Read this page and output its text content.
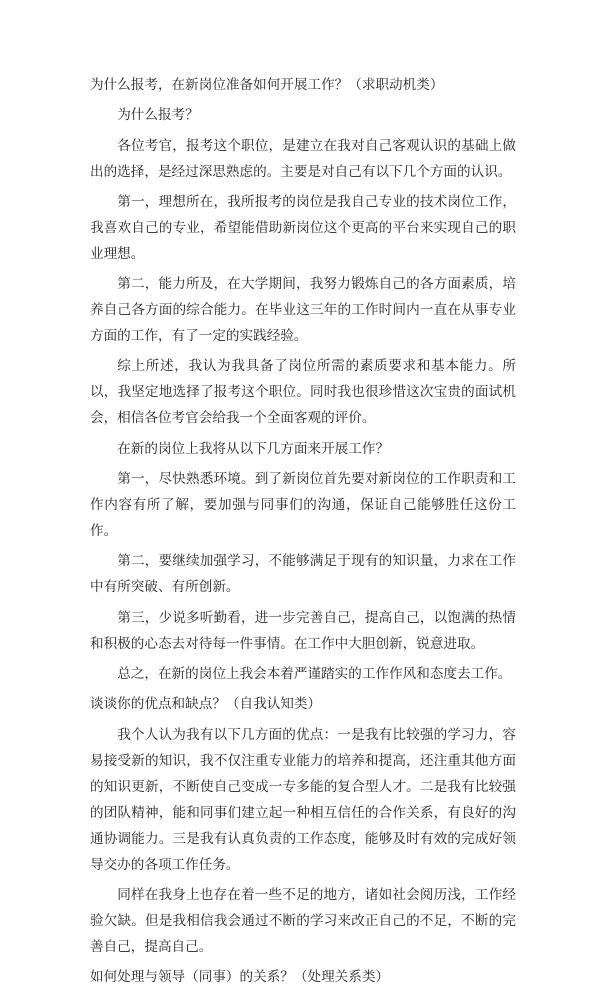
为什么报考，在新岗位准备如何开展工作？（求职动机类）

为什么报考？

各位考官，报考这个职位，是建立在我对自己客观认识的基础上做出的选择，是经过深思熟虑的。主要是对自己有以下几个方面的认识。

第一，理想所在，我所报考的岗位是我自己专业的技术岗位工作，我喜欢自己的专业，希望能借助新岗位这个更高的平台来实现自己的职业理想。

第二，能力所及，在大学期间，我努力锻炼自己的各方面素质，培养自己各方面的综合能力。在毕业这三年的工作时间内一直在从事专业方面的工作，有了一定的实践经验。

综上所述，我认为我具备了岗位所需的素质要求和基本能力。所以，我坚定地选择了报考这个职位。同时我也很珍惜这次宝贵的面试机会，相信各位考官会给我一个全面客观的评价。

在新的岗位上我将从以下几方面来开展工作？

第一，尽快熟悉环境。到了新岗位首先要对新岗位的工作职责和工作内容有所了解，要加强与同事们的沟通，保证自己能够胜任这份工作。

第二，要继续加强学习，不能够满足于现有的知识量，力求在工作中有所突破、有所创新。

第三，少说多听勤看，进一步完善自己，提高自己，以饱满的热情和积极的心态去对待每一件事情。在工作中大胆创新，锐意进取。

总之，在新的岗位上我会本着严谨踏实的工作作风和态度去工作。

谈谈你的优点和缺点？（自我认知类）

我个人认为我有以下几方面的优点：一是我有比较强的学习力，容易接受新的知识，我不仅注重专业能力的培养和提高，还注重其他方面的知识更新，不断使自己变成一专多能的复合型人才。二是我有比较强的团队精神，能和同事们建立起一种相互信任的合作关系，有良好的沟通协调能力。三是我有认真负责的工作态度，能够及时有效的完成好领导交办的各项工作任务。

同样在我身上也存在着一些不足的地方，诸如社会阅历浅，工作经验欠缺。但是我相信我会通过不断的学习来改正自己的不足，不断的完善自己，提高自己。

如何处理与领导（同事）的关系？（处理关系类）
